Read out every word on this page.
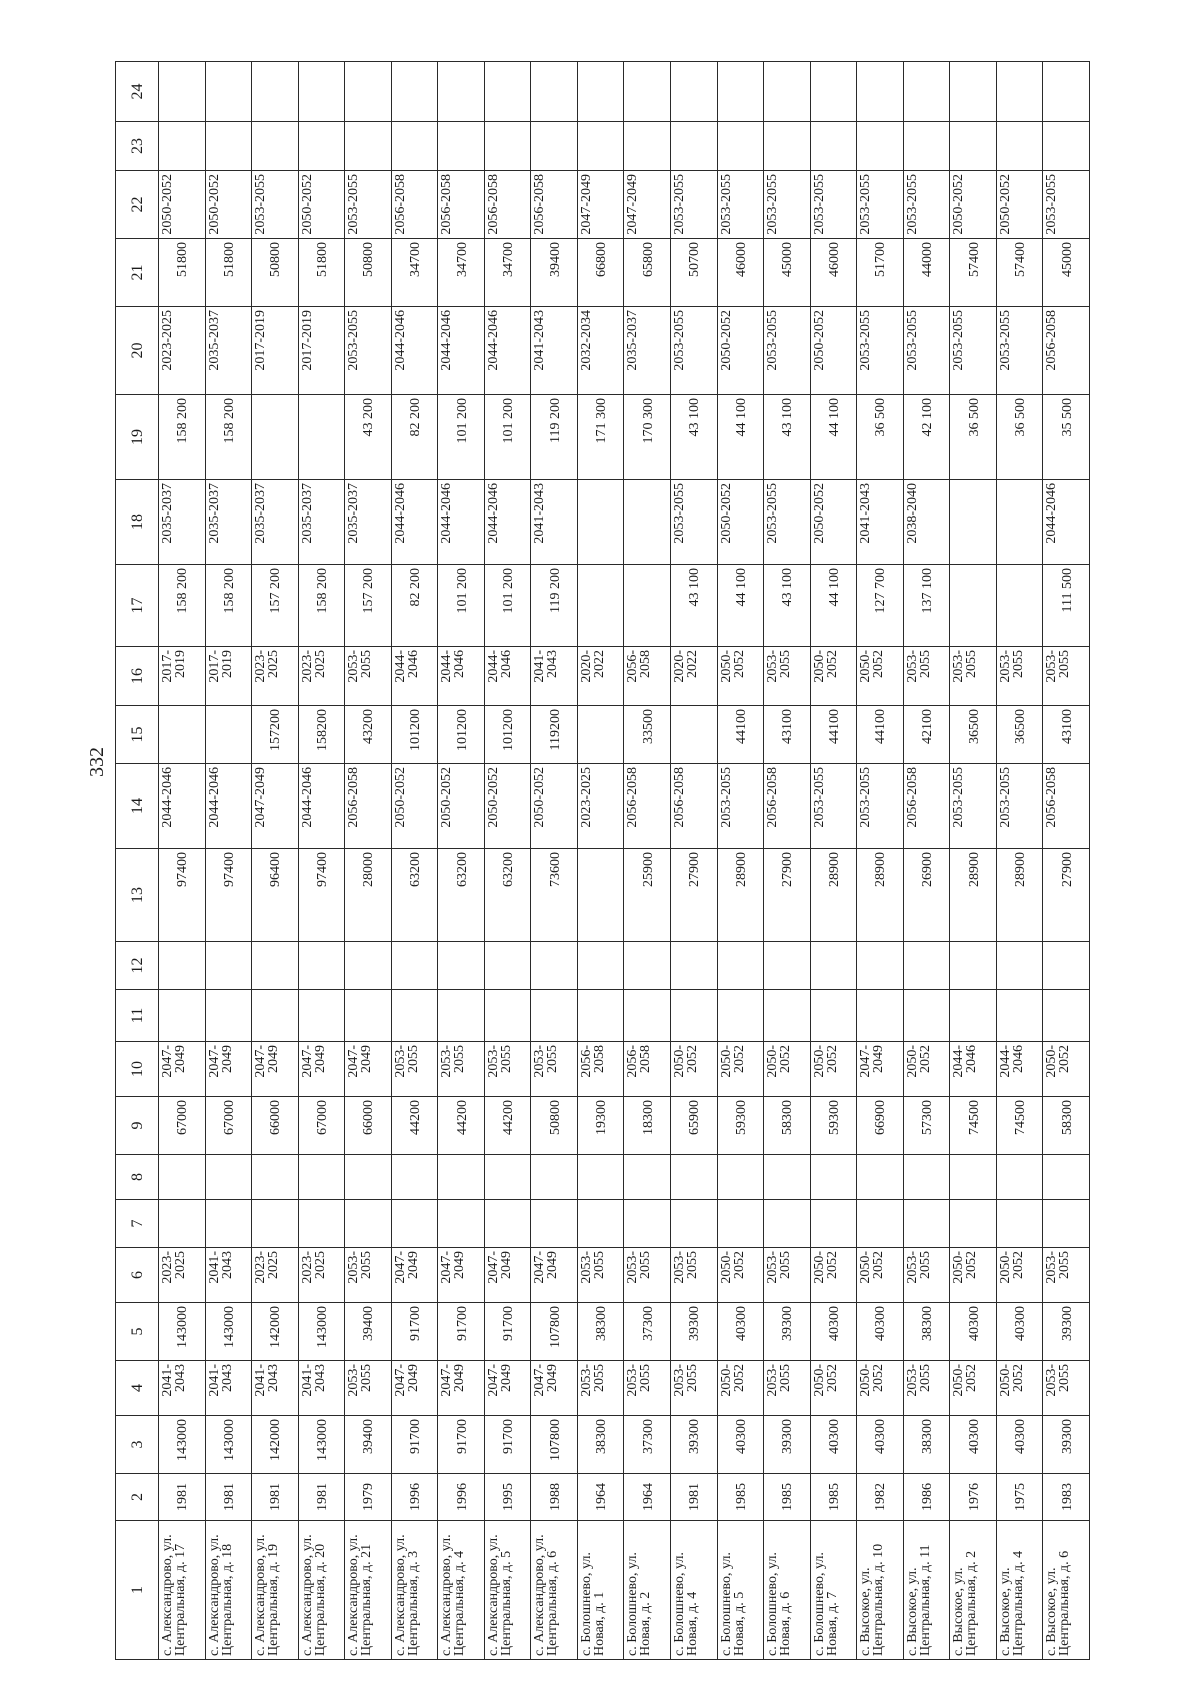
332
1	2	3	4	5	6	7	8	9	10	11	12	13	14	15	16	17	18	19	20	21	22	23	24
с. Александрово, ул. Центральная, д. 17	1981	143000	2041-2043	143000	2023-2025			67000	2047-2049			97400	2044-2046		2017-2019	158 200	2035-2037	158 200	2023-2025	51800	2050-2052		
с. Александрово, ул. Центральная, д. 18	1981	143000	2041-2043	143000	2041-2043			67000	2047-2049			97400	2044-2046		2017-2019	158 200	2035-2037	158 200	2035-2037	51800	2050-2052		
с. Александрово, ул. Центральная, д. 19	1981	142000	2041-2043	142000	2023-2025			66000	2047-2049			96400	2047-2049	157200	2023-2025	157 200	2035-2037		2017-2019	50800	2053-2055		
с. Александрово, ул. Центральная, д. 20	1981	143000	2041-2043	143000	2023-2025			67000	2047-2049			97400	2044-2046	158200	2023-2025	158 200	2035-2037		2017-2019	51800	2050-2052		
с. Александрово, ул. Центральная, д. 21	1979	39400	2053-2055	39400	2053-2055			66000	2047-2049			28000	2056-2058	43200	2053-2055	157 200	2035-2037	43 200	2053-2055	50800	2053-2055		
с. Александрово, ул. Центральная, д. 3	1996	91700	2047-2049	91700	2047-2049			44200	2053-2055			63200	2050-2052	101200	2044-2046	82 200	2044-2046	82 200	2044-2046	34700	2056-2058		
с. Александрово, ул. Центральная, д. 4	1996	91700	2047-2049	91700	2047-2049			44200	2053-2055			63200	2050-2052	101200	2044-2046	101 200	2044-2046	101 200	2044-2046	34700	2056-2058		
с. Александрово, ул. Центральная, д. 5	1995	91700	2047-2049	91700	2047-2049			44200	2053-2055			63200	2050-2052	101200	2044-2046	101 200	2044-2046	101 200	2044-2046	34700	2056-2058		
с. Александрово, ул. Центральная, д. 6	1988	107800	2047-2049	107800	2047-2049			50800	2053-2055			73600	2050-2052	119200	2041-2043	119 200	2041-2043	119 200	2041-2043	39400	2056-2058		
с. Болошнево, ул. Новая, д. 1	1964	38300	2053-2055	38300	2053-2055			19300	2056-2058				2023-2025		2020-2022			171 300	2032-2034	66800	2047-2049		
с. Болошнево, ул. Новая, д. 2	1964	37300	2053-2055	37300	2053-2055			18300	2056-2058			25900	2056-2058	33500	2056-2058			170 300	2035-2037	65800	2047-2049		
с. Болошнево, ул. Новая, д. 4	1981	39300	2053-2055	39300	2053-2055			65900	2050-2052			27900	2056-2058		2020-2022	43 100	2053-2055	43 100	2053-2055	50700	2053-2055		
с. Болошнево, ул. Новая, д. 5	1985	40300	2050-2052	40300	2050-2052			59300	2050-2052			28900	2053-2055	44100	2050-2052	44 100	2050-2052	44 100	2050-2052	46000	2053-2055		
с. Болошнево, ул. Новая, д. 6	1985	39300	2053-2055	39300	2053-2055			58300	2050-2052			27900	2056-2058	43100	2053-2055	43 100	2053-2055	43 100	2053-2055	45000	2053-2055		
с. Болошнево, ул. Новая, д. 7	1985	40300	2050-2052	40300	2050-2052			59300	2050-2052			28900	2053-2055	44100	2050-2052	44 100	2050-2052	44 100	2050-2052	46000	2053-2055		
с. Высокое, ул. Центральная, д. 10	1982	40300	2050-2052	40300	2050-2052			66900	2047-2049			28900	2053-2055	44100	2050-2052	127 700	2041-2043	36 500	2053-2055	51700	2053-2055		
с. Высокое, ул. Центральная, д. 11	1986	38300	2053-2055	38300	2053-2055			57300	2050-2052			26900	2056-2058	42100	2053-2055	137 100	2038-2040	42 100	2053-2055	44000	2053-2055		
с. Высокое, ул. Центральная, д. 2	1976	40300	2050-2052	40300	2050-2052			74500	2044-2046			28900	2053-2055	36500	2053-2055			36 500	2053-2055	57400	2050-2052		
с. Высокое, ул. Центральная, д. 4	1975	40300	2050-2052	40300	2050-2052			74500	2044-2046			28900	2053-2055	36500	2053-2055			36 500	2053-2055	57400	2050-2052		
с. Высокое, ул. Центральная, д. 6	1983	39300	2053-2055	39300	2053-2055			58300	2050-2052			27900	2056-2058	43100	2053-2055	111 500	2044-2046	35 500	2056-2058	45000	2053-2055		
